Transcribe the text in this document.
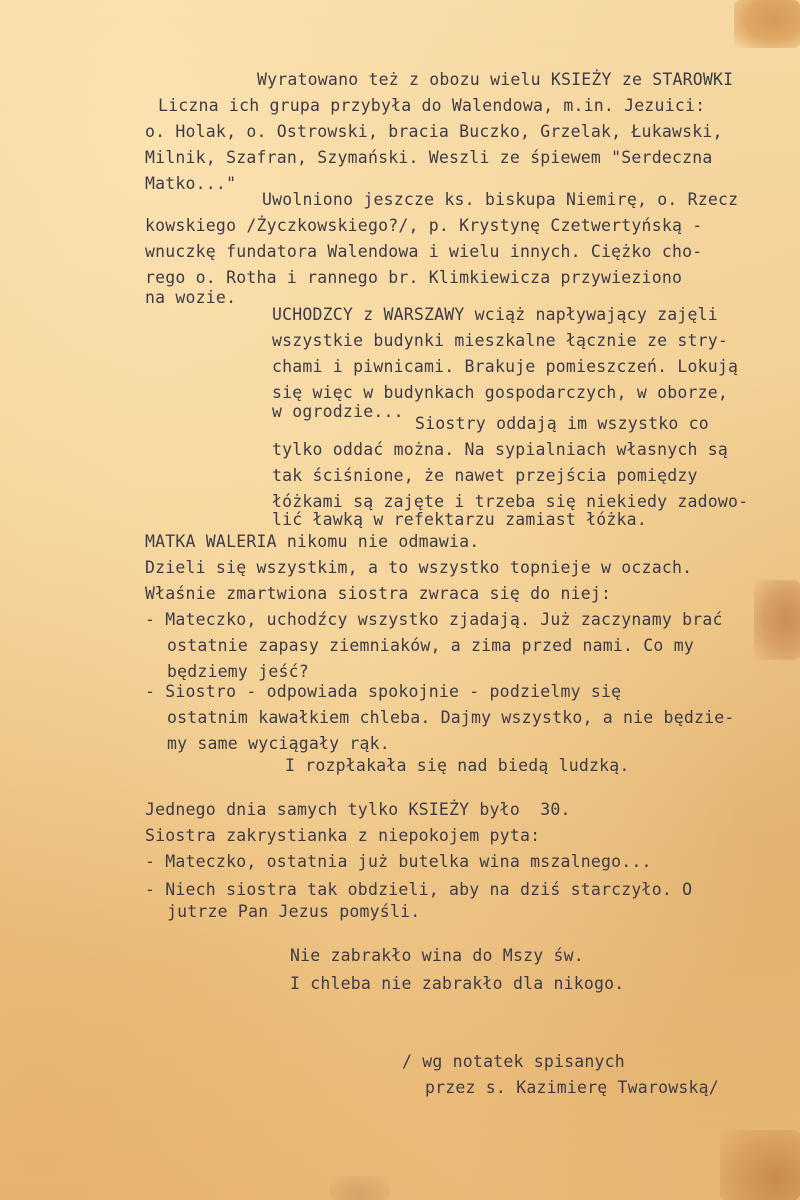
Wyratowano też z obozu wielu KSIEŻY ze STAROWKI
Liczna ich grupa przybyła do Walendowa, m.in. Jezuici:
o. Holak, o. Ostrowski, bracia Buczko, Grzelak, Łukawski,
Milnik, Szafran, Szymański. Weszli ze śpiewem "Serdeczna
Matko..."
Uwolniono jeszcze ks. biskupa Niemirę, o. Rzecz
kowskiego /Życzkowskiego?/, p. Krystynę Czetwertyńską -
wnuczkę fundatora Walendowa i wielu innych. Ciężko cho-
rego o. Rotha i rannego br. Klimkiewicza przywieziono
na wozie.
UCHODZCY z WARSZAWY wciąż napływający zajęli
wszystkie budynki mieszkalne łącznie ze stry-
chami i piwnicami. Brakuje pomieszczeń. Lokują
się więc w budynkach gospodarczych, w oborze,
w ogrodzie...
Siostry oddają im wszystko co
tylko oddać można. Na sypialniach własnych są
tak ściśnione, że nawet przejścia pomiędzy
łóżkami są zajęte i trzeba się niekiedy zadowo-
lić ławką w refektarzu zamiast łóżka.
MATKA WALERIA nikomu nie odmawia.
Dzieli się wszystkim, a to wszystko topnieje w oczach.
Właśnie zmartwiona siostra zwraca się do niej:
- Mateczko, uchodźcy wszystko zjadają. Już zaczynamy brać
ostatnie zapasy ziemniaków, a zima przed nami. Co my
będziemy jeść?
- Siostro - odpowiada spokojnie - podzielmy się
ostatnim kawałkiem chleba. Dajmy wszystko, a nie będzie-
my same wyciągały rąk.
I rozpłakała się nad biedą ludzką.
Jednego dnia samych tylko KSIEŻY było  30.
Siostra zakrystianka z niepokojem pyta:
- Mateczko, ostatnia już butelka wina mszalnego...
- Niech siostra tak obdzieli, aby na dziś starczyło. O
jutrze Pan Jezus pomyśli.
Nie zabrakło wina do Mszy św.
I chleba nie zabrakło dla nikogo.
/ wg notatek spisanych
przez s. Kazimierę Twarowską/
